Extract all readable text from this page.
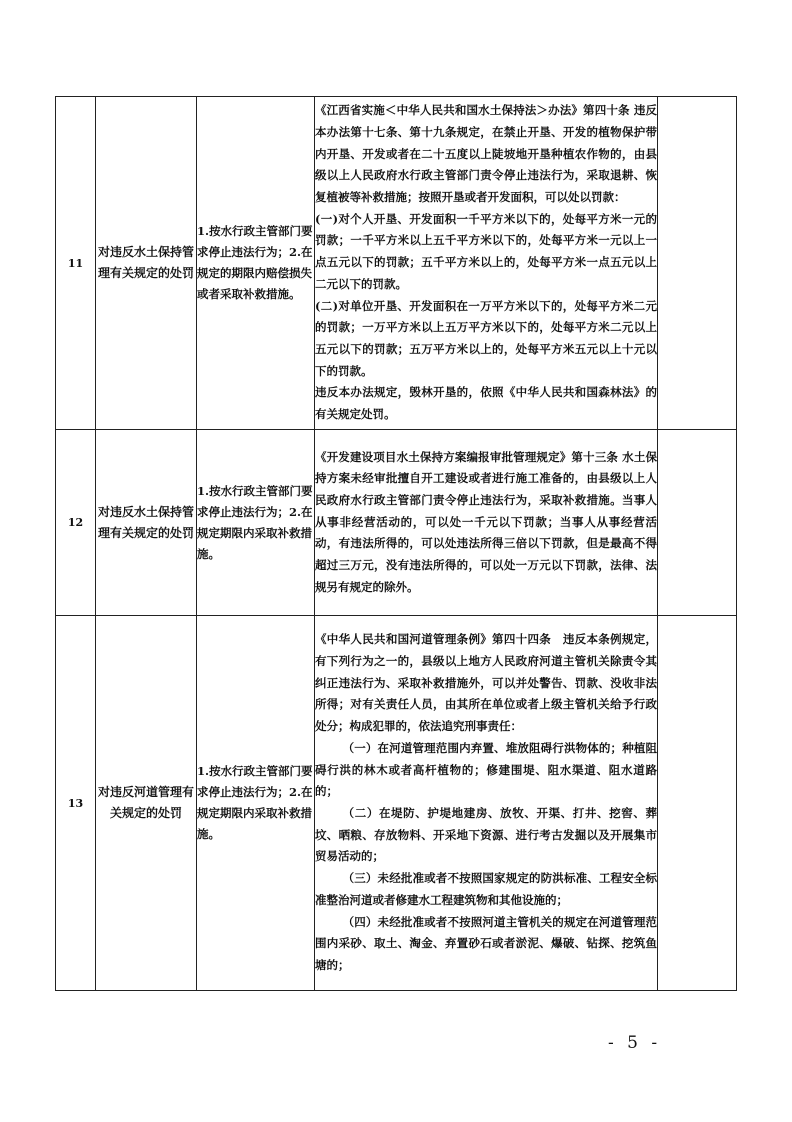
11	对违反水土保持管理有关规定的处罚	1.按水行政主管部门要求停止违法行为；2.在规定的期限内赔偿损失或者采取补救措施。	《江西省实施＜中华人民共和国水土保持法＞办法》第四十条 违反本办法第十七条、第十九条规定，在禁止开垦、开发的植物保护带内开垦、开发或者在二十五度以上陡坡地开垦种植农作物的，由县级以上人民政府水行政主管部门责令停止违法行为，采取退耕、恢复植被等补救措施；按照开垦或者开发面积，可以处以罚款：

(一)对个人开垦、开发面积一千平方米以下的，处每平方米一元的罚款；一千平方米以上五千平方米以下的，处每平方米一元以上一点五元以下的罚款；五千平方米以上的，处每平方米一点五元以上二元以下的罚款。

(二)对单位开垦、开发面积在一万平方米以下的，处每平方米二元的罚款；一万平方米以上五万平方米以下的，处每平方米二元以上五元以下的罚款；五万平方米以上的，处每平方米五元以上十元以下的罚款。

违反本办法规定，毁林开垦的，依照《中华人民共和国森林法》的有关规定处罚。	

12	对违反水土保持管理有关规定的处罚	1.按水行政主管部门要求停止违法行为；2.在规定期限内采取补救措施。	《开发建设项目水土保持方案编报审批管理规定》第十三条 水土保持方案未经审批擅自开工建设或者进行施工准备的，由县级以上人民政府水行政主管部门责令停止违法行为，采取补救措施。当事人从事非经营活动的，可以处一千元以下罚款；当事人从事经营活动，有违法所得的，可以处违法所得三倍以下罚款，但是最高不得超过三万元，没有违法所得的，可以处一万元以下罚款，法律、法规另有规定的除外。	

13	对违反河道管理有关规定的处罚	1.按水行政主管部门要求停止违法行为；2.在规定期限内采取补救措施。	《中华人民共和国河道管理条例》第四十四条　违反本条例规定，有下列行为之一的，县级以上地方人民政府河道主管机关除责令其纠正违法行为、采取补救措施外，可以并处警告、罚款、没收非法所得；对有关责任人员，由其所在单位或者上级主管机关给予行政处分；构成犯罪的，依法追究刑事责任：

（一）在河道管理范围内弃置、堆放阻碍行洪物体的；种植阻碍行洪的林木或者高杆植物的；修建围堤、阻水渠道、阻水道路的；

（二）在堤防、护堤地建房、放牧、开渠、打井、挖窖、葬坟、晒粮、存放物料、开采地下资源、进行考古发掘以及开展集市贸易活动的；

（三）未经批准或者不按照国家规定的防洪标准、工程安全标准整治河道或者修建水工程建筑物和其他设施的；

（四）未经批准或者不按照河道主管机关的规定在河道管理范围内采砂、取土、淘金、弃置砂石或者淤泥、爆破、钻探、挖筑鱼塘的；	

- 5 -
